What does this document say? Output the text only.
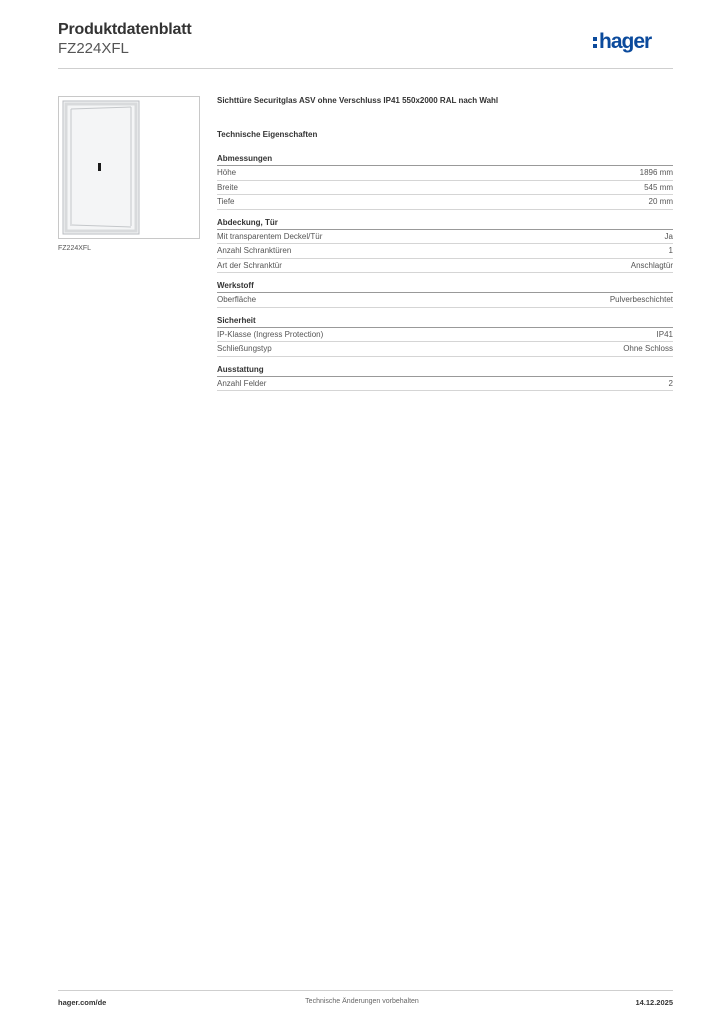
Produktdatenblatt
FZ224XFL	hager
FZ224XFL
Sichttüre Securitglas ASV ohne Verschluss IP41 550x2000 RAL nach Wahl
Technische Eigenschaften
Abmessungen
Höhe	1896 mm
Breite	545 mm
Tiefe	20 mm
Abdeckung, Tür
Mit transparentem Deckel/Tür	Ja
Anzahl Schranktüren	1
Art der Schranktür	Anschlagtür
Werkstoff
Oberfläche	Pulverbeschichtet
Sicherheit
IP-Klasse (Ingress Protection)	IP41
Schließungstyp	Ohne Schloss
Ausstattung
Anzahl Felder	2
hager.com/de	Technische Änderungen vorbehalten	14.12.2025
